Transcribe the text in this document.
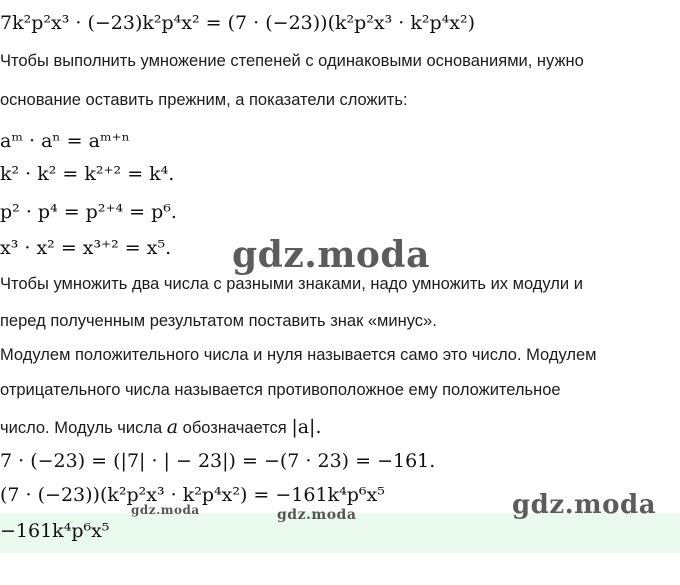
7k²p²x³ · (−23)k²p⁴x² = (7 · (−23))(k²p²x³ · k²p⁴x²)
Чтобы выполнить умножение степеней с одинаковыми основаниями, нужно
основание оставить прежним, а показатели сложить:
aᵐ · aⁿ = aᵐ⁺ⁿ
k² · k² = k²⁺² = k⁴.
p² · p⁴ = p²⁺⁴ = p⁶.
x³ · x² = x³⁺² = x⁵.
Чтобы умножить два числа с разными знаками, надо умножить их модули и
перед полученным результатом поставить знак «минус».
Модулем положительного числа и нуля называется само это число. Модулем
отрицательного числа называется противоположное ему положительное
число. Модуль числа a обозначается |a|.
7 · (−23) = (|7| · | − 23|) = −(7 · 23) = −161.
(7 · (−23))(k²p²x³ · k²p⁴x²) = −161k⁴p⁶x⁵
−161k⁴p⁶x⁵
gdz.moda
gdz.moda
gdz.moda	gdz.moda
